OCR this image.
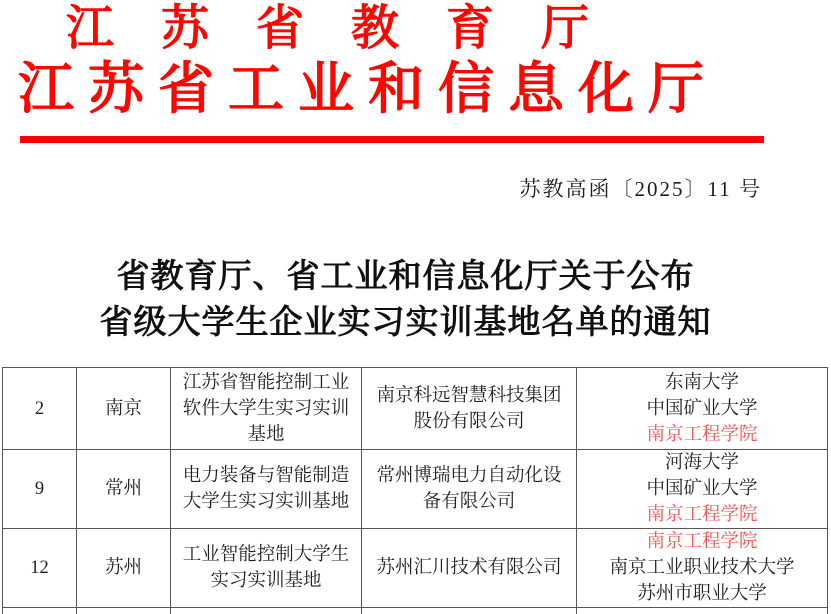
江苏省教育厅
江苏省工业和信息化厅
苏教高函〔2025〕11 号
省教育厅、省工业和信息化厅关于公布
省级大学生企业实习实训基地名单的通知
2	南京

江苏省智能控制工业
软件大学生实习实训
基地

南京科远智慧科技集团
股份有限公司

东南大学
中国矿业大学
南京工程学院

9	常州

电力装备与智能制造
大学生实习实训基地

常州博瑞电力自动化设
备有限公司

河海大学
中国矿业大学
南京工程学院

12	苏州

工业智能控制大学生
实习实训基地

苏州汇川技术有限公司

南京工程学院
南京工业职业技术大学
苏州市职业大学
